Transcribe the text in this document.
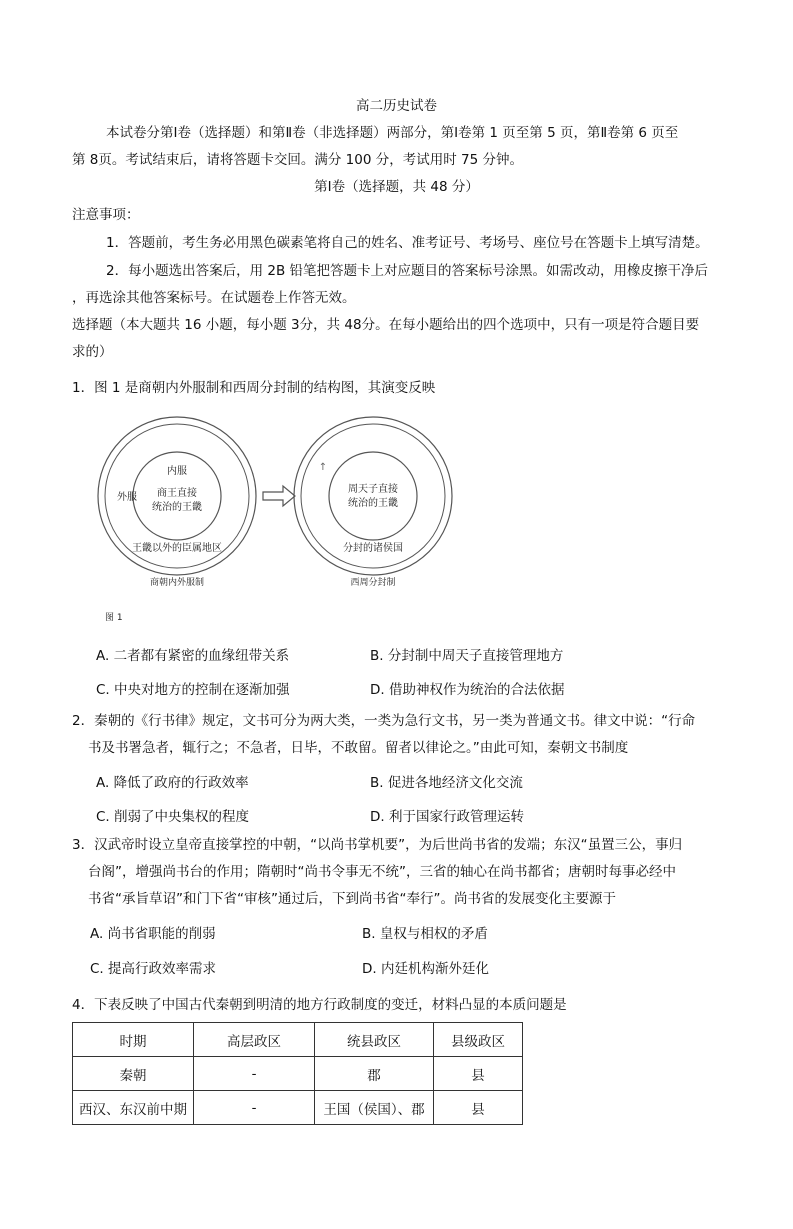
高二历史试卷
本试卷分第Ⅰ卷（选择题）和第Ⅱ卷（非选择题）两部分，第Ⅰ卷第 1 页至第 5 页，第Ⅱ卷第 6 页至
第 8页。考试结束后，请将答题卡交回。满分 100 分，考试用时 75 分钟。
第Ⅰ卷（选择题，共 48 分）
注意事项：
1．答题前，考生务必用黑色碳素笔将自己的姓名、准考证号、考场号、座位号在答题卡上填写清楚。
2．每小题选出答案后，用 2B 铅笔把答题卡上对应题目的答案标号涂黑。如需改动，用橡皮擦干净后
，再选涂其他答案标号。在试题卷上作答无效。
选择题（本大题共 16 小题，每小题 3分，共 48分。在每小题给出的四个选项中，只有一项是符合题目要
求的）
1．图 1 是商朝内外服制和西周分封制的结构图，其演变反映
内服
商王直接
统治的王畿
外服
王畿以外的臣属地区
商朝内外服制
↑
周天子直接
统治的王畿
分封的诸侯国
西周分封制
图 1
A. 二者都有紧密的血缘纽带关系	B. 分封制中周天子直接管理地方
C. 中央对地方的控制在逐渐加强	D. 借助神权作为统治的合法依据
2．秦朝的《行书律》规定，文书可分为两大类，一类为急行文书，另一类为普通文书。律文中说：“行命
书及书署急者，辄行之；不急者，日毕，不敢留。留者以律论之。”由此可知，秦朝文书制度
A. 降低了政府的行政效率	B. 促进各地经济文化交流
C. 削弱了中央集权的程度	D. 利于国家行政管理运转
3．汉武帝时设立皇帝直接掌控的中朝，“以尚书掌机要”，为后世尚书省的发端；东汉“虽置三公，事归
台阁”，增强尚书台的作用；隋朝时“尚书令事无不统”，三省的轴心在尚书都省；唐朝时每事必经中
书省“承旨草诏”和门下省“审核”通过后，下到尚书省“奉行”。尚书省的发展变化主要源于
A. 尚书省职能的削弱	B. 皇权与相权的矛盾
C. 提高行政效率需求	D. 内廷机构渐外廷化
4．下表反映了中国古代秦朝到明清的地方行政制度的变迁，材料凸显的本质问题是
时期	高层政区	统县政区	县级政区
秦朝	-	郡	县
西汉、东汉前中期	-	王国（侯国）、郡	县
